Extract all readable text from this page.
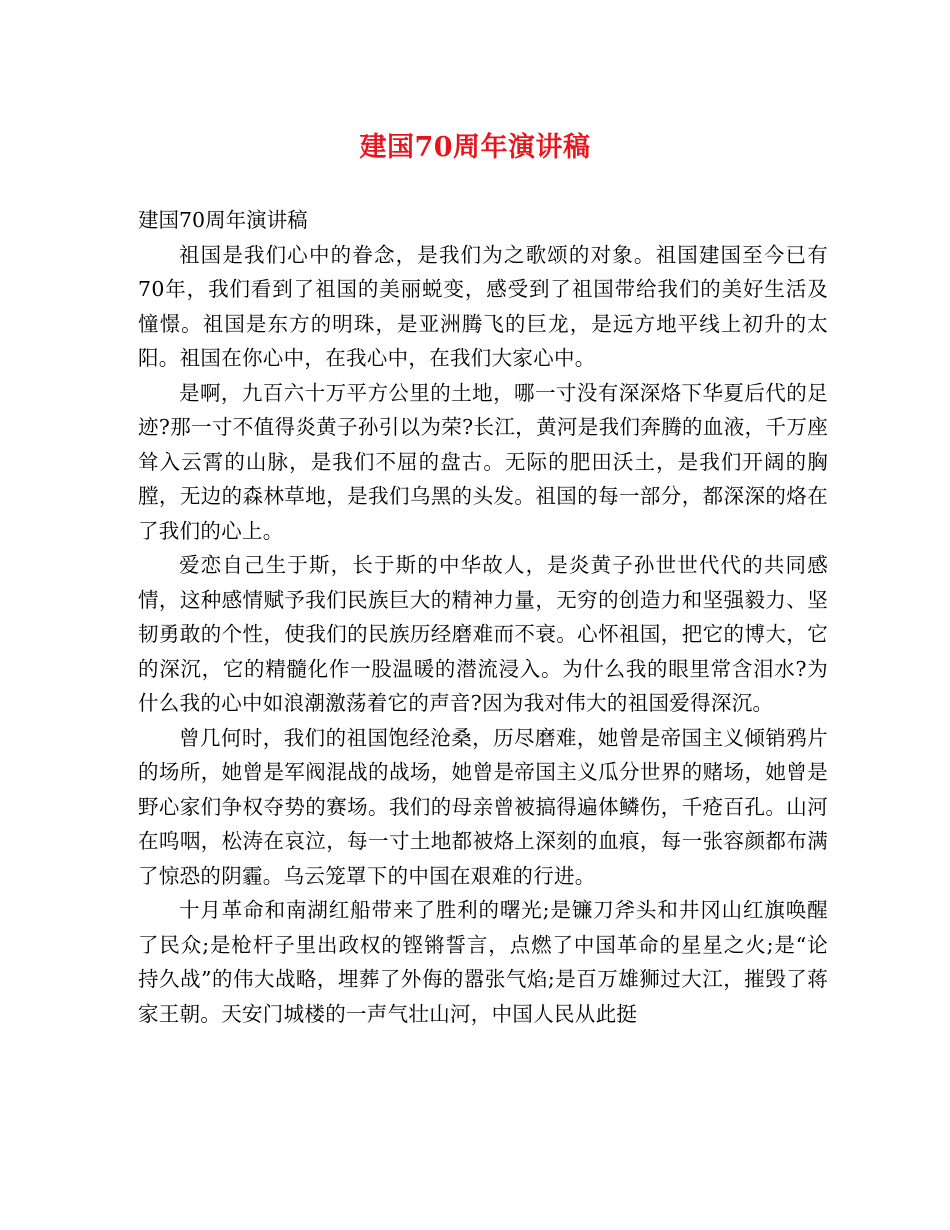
建国70周年演讲稿

建国70周年演讲稿

祖国是我们心中的眷念，是我们为之歌颂的对象。祖国建国至今已有70年，我们看到了祖国的美丽蜕变，感受到了祖国带给我们的美好生活及憧憬。祖国是东方的明珠，是亚洲腾飞的巨龙，是远方地平线上初升的太阳。祖国在你心中，在我心中，在我们大家心中。

是啊，九百六十万平方公里的土地，哪一寸没有深深烙下华夏后代的足迹?那一寸不值得炎黄子孙引以为荣?长江，黄河是我们奔腾的血液，千万座耸入云霄的山脉，是我们不屈的盘古。无际的肥田沃土，是我们开阔的胸膛，无边的森林草地，是我们乌黑的头发。祖国的每一部分，都深深的烙在了我们的心上。

爱恋自己生于斯，长于斯的中华故人，是炎黄子孙世世代代的共同感情，这种感情赋予我们民族巨大的精神力量，无穷的创造力和坚强毅力、坚韧勇敢的个性，使我们的民族历经磨难而不衰。心怀祖国，把它的博大，它的深沉，它的精髓化作一股温暖的潜流浸入。为什么我的眼里常含泪水?为什么我的心中如浪潮激荡着它的声音?因为我对伟大的祖国爱得深沉。

曾几何时，我们的祖国饱经沧桑，历尽磨难，她曾是帝国主义倾销鸦片的场所，她曾是军阀混战的战场，她曾是帝国主义瓜分世界的赌场，她曾是野心家们争权夺势的赛场。我们的母亲曾被搞得遍体鳞伤，千疮百孔。山河在呜咽，松涛在哀泣，每一寸土地都被烙上深刻的血痕，每一张容颜都布满了惊恐的阴霾。乌云笼罩下的中国在艰难的行进。

十月革命和南湖红船带来了胜利的曙光;是镰刀斧头和井冈山红旗唤醒了民众;是枪杆子里出政权的铿锵誓言，点燃了中国革命的星星之火;是“论持久战”的伟大战略，埋葬了外侮的嚣张气焰;是百万雄狮过大江，摧毁了蒋家王朝。天安门城楼的一声气壮山河，中国人民从此挺
